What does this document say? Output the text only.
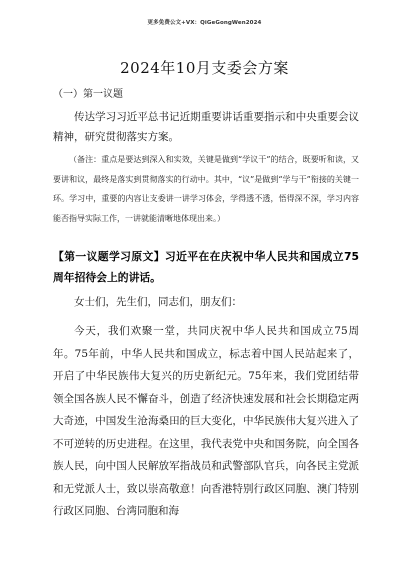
更多免费公文+VX：QiGeGongWen2024
2024年10月支委会方案
（一）第一议题
传达学习习近平总书记近期重要讲话重要指示和中央重要会议精神，研究贯彻落实方案。
（备注：重点是要达到深入和实效，关键是做到“学议干”的结合，既要听和读，又要讲和议，最终是落实到贯彻落实的行动中。其中，“议”是做到“学与干”衔接的关键一环。学习中，重要的内容让支委讲一讲学习体会，学得透不透，悟得深不深，学习内容能否指导实际工作，一讲就能清晰地体现出来。）
【第一议题学习原文】习近平在在庆祝中华人民共和国成立75周年招待会上的讲话。
女士们，先生们，同志们，朋友们：
今天，我们欢聚一堂，共同庆祝中华人民共和国成立75周年。75年前，中华人民共和国成立，标志着中国人民站起来了，开启了中华民族伟大复兴的历史新纪元。75年来，我们党团结带领全国各族人民不懈奋斗，创造了经济快速发展和社会长期稳定两大奇迹，中国发生沧海桑田的巨大变化，中华民族伟大复兴进入了不可逆转的历史进程。在这里，我代表党中央和国务院，向全国各族人民，向中国人民解放军指战员和武警部队官兵，向各民主党派和无党派人士，致以崇高敬意！向香港特别行政区同胞、澳门特别行政区同胞、台湾同胞和海
